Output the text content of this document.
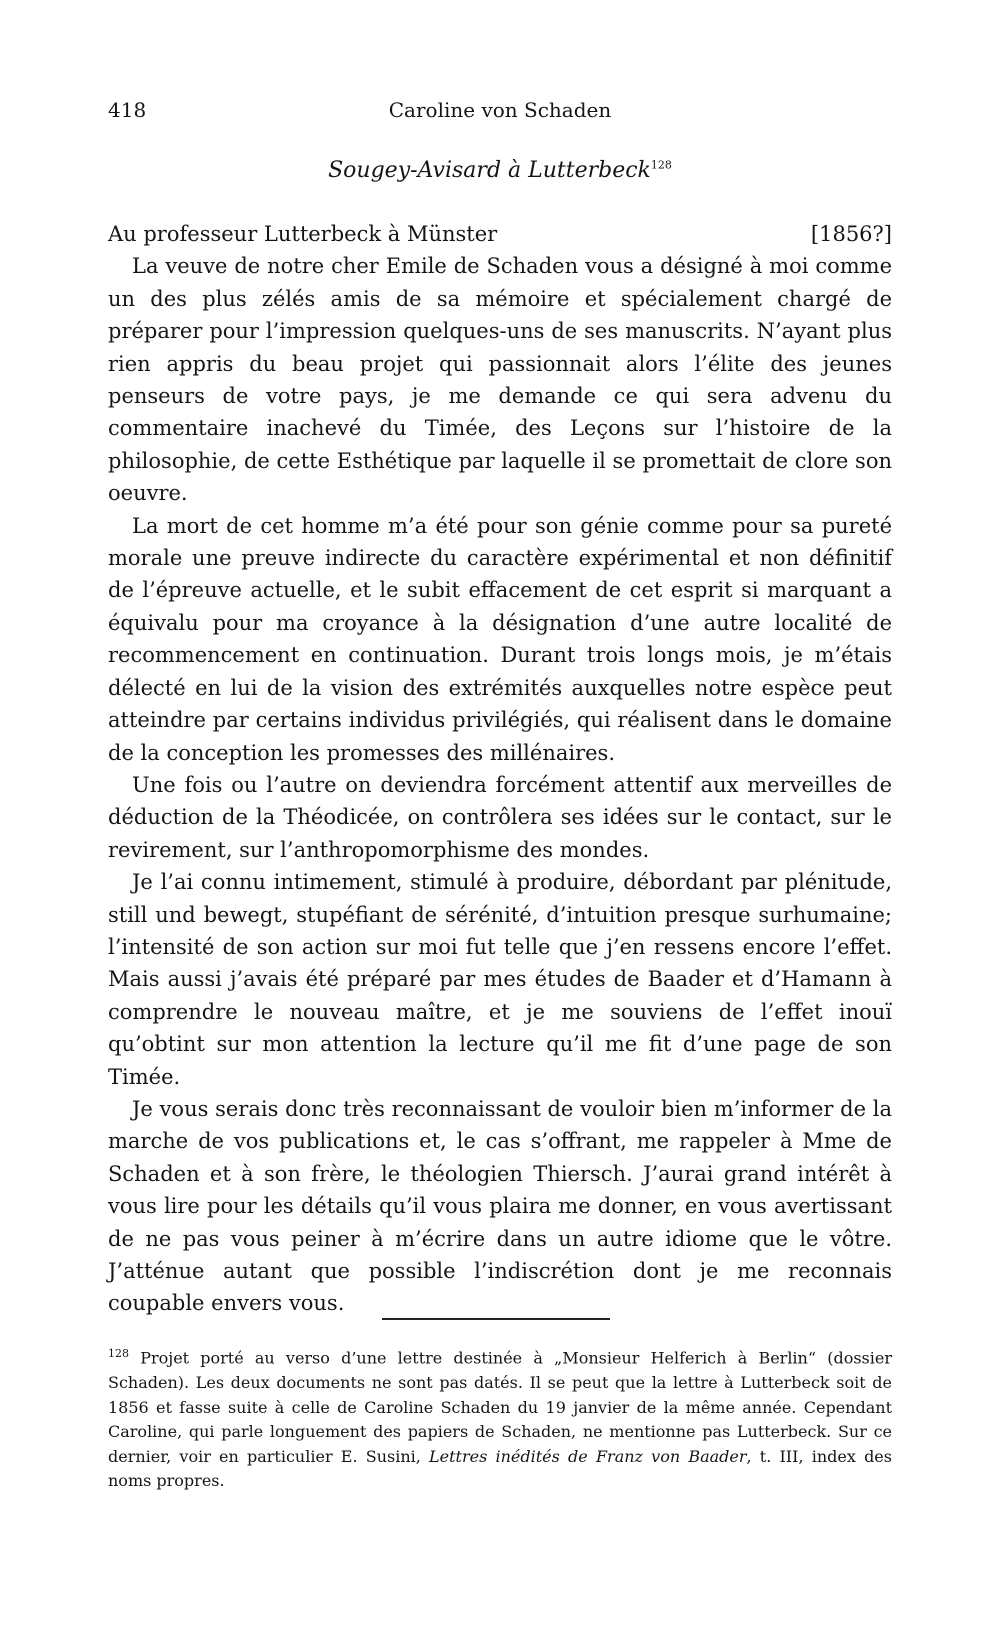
418	Caroline von Schaden
Sougey-Avisard à Lutterbeck$^{128}$
Au professeur Lutterbeck à Münster	[1856?]

La veuve de notre cher Emile de Schaden vous a désigné à moi comme un des plus zélés amis de sa mémoire et spécialement chargé de préparer pour l’impression quelques-uns de ses manuscrits. N’ayant plus rien appris du beau projet qui passionnait alors l’élite des jeunes penseurs de votre pays, je me demande ce qui sera advenu du commentaire inachevé du Timée, des Leçons sur l’histoire de la philosophie, de cette Esthétique par laquelle il se promettait de clore son oeuvre.

La mort de cet homme m’a été pour son génie comme pour sa pureté morale une preuve indirecte du caractère expérimental et non définitif de l’épreuve actuelle, et le subit effacement de cet esprit si marquant a équivalu pour ma croyance à la désignation d’une autre localité de recommencement en continuation. Durant trois longs mois, je m’étais délecté en lui de la vision des extrémités auxquelles notre espèce peut atteindre par certains individus privilégiés, qui réalisent dans le domaine de la conception les promesses des millénaires.

Une fois ou l’autre on deviendra forcément attentif aux merveilles de déduction de la Théodicée, on contrôlera ses idées sur le contact, sur le revirement, sur l’anthropomorphisme des mondes.

Je l’ai connu intimement, stimulé à produire, débordant par plénitude, still und bewegt, stupéfiant de sérénité, d’intuition presque surhumaine; l’intensité de son action sur moi fut telle que j’en ressens encore l’effet. Mais aussi j’avais été préparé par mes études de Baader et d’Hamann à comprendre le nouveau maître, et je me souviens de l’effet inouï qu’obtint sur mon attention la lecture qu’il me fit d’une page de son Timée.

Je vous serais donc très reconnaissant de vouloir bien m’informer de la marche de vos publications et, le cas s’offrant, me rappeler à Mme de Schaden et à son frère, le théologien Thiersch. J’aurai grand intérêt à vous lire pour les détails qu’il vous plaira me donner, en vous avertissant de ne pas vous peiner à m’écrire dans un autre idiome que le vôtre. J’atténue autant que possible l’indiscrétion dont je me reconnais coupable envers vous.

$^{128}$ Projet porté au verso d’une lettre destinée à „Monsieur Helferich à Berlin“ (dossier Schaden). Les deux documents ne sont pas datés. Il se peut que la lettre à Lutterbeck soit de 1856 et fasse suite à celle de Caroline Schaden du 19 janvier de la même année. Cependant Caroline, qui parle longuement des papiers de Schaden, ne mentionne pas Lutterbeck. Sur ce dernier, voir en particulier E. Susini, Lettres inédités de Franz von Baader, t. III, index des noms propres.
